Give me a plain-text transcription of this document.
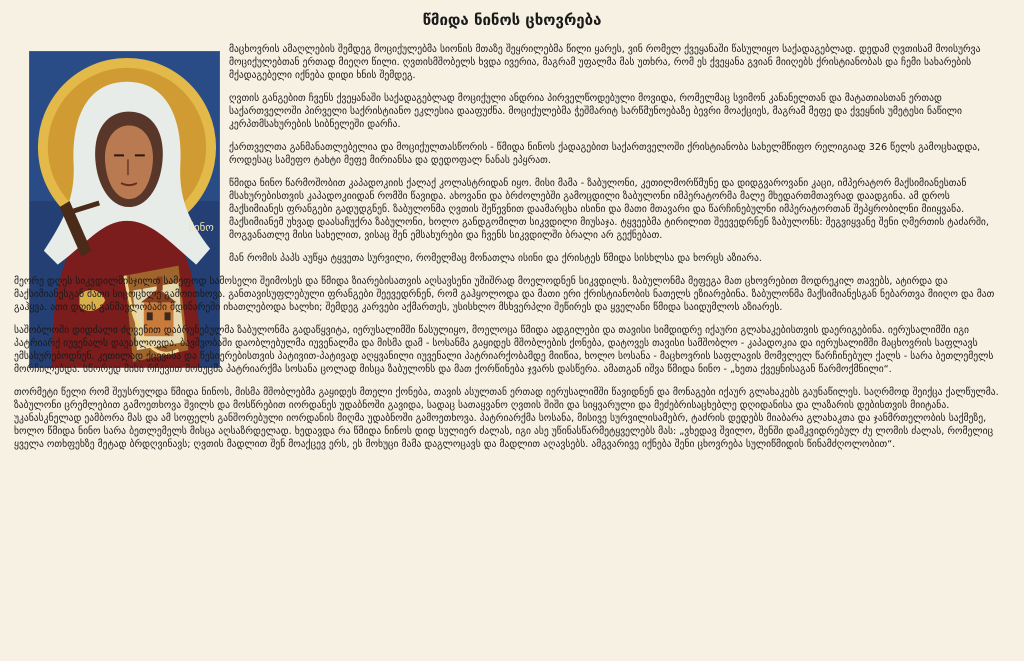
წმიდა ნინოს ცხოვრება
ნინო

მაცხოვრის ამაღლების შემდეგ მოციქულებმა სიონის მთაზე შეყრილებმა წილი ყარეს, ვინ რომელ ქვეყანაში წასულიყო საქადაგებლად. დედამ ღვთისამ მოისურვა მოციქულებთან ერთად მიეღო წილი. ღვთისმშობელს ხვდა ივერია, მაგრამ უფალმა მას უთხრა, რომ ეს ქვეყანა გვიან მიიღებს ქრისტიანობას და ჩემი სახარების მქადაგებელი იქნება დიდი ხნის შემდეგ.

ღვთის განგებით ჩვენს ქვეყანაში საქადაგებლად მოციქული ანდრია პირველწოდებული მოვიდა, რომელმაც სვიმონ კანანელთან და მატათიასთან ერთად საქართველოში პირველი საქრისტიანო ეკლესია დააფუძნა. მოციქულებმა ჭეშმარიტ სარწმუნოებაზე ბევრი მოაქციეს, მაგრამ მეფე და ქვეყნის უმეტესი ნაწილი კერპთმსახურების სიბნელეში დარჩა.

ქართველთა განმანათლებელია და მოციქულთასწორის - წმიდა ნინოს ქადაგებით საქართველოში ქრისტიანობა სახელმწიფო რელიგიად 326 წელს გამოცხადდა, როდესაც სამეფო ტახტი მეფე მირიანსა და დედოფალ ნანას ეპყრათ.

წმიდა ნინო წარმოშობით კაპადოკიის ქალაქ კოლასტრიდან იყო. მისი მამა - ზაბულონი, კეთილმორწმუნე და დიდგვაროვანი კაცი, იმპერატორ მაქსიმიანესთან მსახურებისთვის კაპადოკიიდან რომში წავიდა. ახოვანი და ბრძოლებში გამოცდილი ზაბულონი იმპერატორმა მალე მხედართმთავრად დაადგინა. ამ დროს მაქსიმიანეს ფრანგები გადუდგნენ. ზაბულონმა ღვთის შეწევნით დაამარცხა ისინი და მათი მთავარი და წარჩინებულნი იმპერატორთან შეპყრობილნი მიიყვანა. მაქსიმიანემ უხვად დაასაჩუქრა ზაბულონი, ხოლო განდგომილთ სიკვდილი მიუსაჯა. ტყვეებმა ტირილით შეევედრნენ ზაბულონს: შეგვიყვანე შენი ღმერთის ტაძარში, მოგვანათლე მისი სახელით, ვისაც შენ ემსახურები და ჩვენს სიკვდილში ბრალი არ გექნებათ.

მან რომის პაპს აუწყა ტყვეთა სურვილი, რომელმაც მონათლა ისინი და ქრისტეს წმიდა სისხლსა და ხორცს აზიარა.

მეორე დღეს სიკვდილმისჯილთ სამეფოდ სამოსელი შეიმოსეს და წმიდა ზიარებისათვის აღსავსენი უშიშრად მოელოდნენ სიკვდილს. ზაბულონმა მეფეგა მათ ცხოვრებით მოდრეკილ თავებს, ატირდა და მაქსიმიანესგან მათი სიცოცხლე გამოითხოვა. განთავისუფლებული ფრანგები შეევედრნენ, რომ გაჰყოლოდა და მათი ერი ქრისტიანობის ნათელს ეზიარებინა. ზაბულონმა მაქსიმიანესგან ნებართვა მიიღო და მათ გაჰყვა. ათი დღის განმავლობაში მდინარეში იხათლებოდა ხალხი; შემდეგ კარვები აქმართეს, უსისხლო მსხვერპლი შეწირეს და ყველანი წმიდა საიდუმლოს აზიარეს.

საშობლოში დიდძალი ძღვენით დაბრუნებულმა ზაბულონმა გადაწყვიტა, იერუსალიმში წასულიყო, მოელოცა წმიდა ადგილები და თავისი სიმდიდრე იქაური გლახაკებისთვის დაერიგებინა. იერუსალიმში იგი პატრიარქ იუვენალს დაუახლოვდა. ბავშვობაში დაობლებულმა იუვენალმა და მისმა დამ - სოსანმა გაყიდეს მშობლების ქონება, დატოვეს თავისი სამშობლო - კაპადოკია და იერუსალიმში მაცხოვრის საფლავს ემსახურებოდნენ. კეთილად ქცევისა და წესიერებისთვის პატივით-პატივად აღყვანილი იუვენალი პატრიარქობამდე მიიწია, ხოლო სოსანა - მაცხოვრის საფლავის მომვლელ წარჩინებულ ქალს - სარა ბეთლემელს მორჩილებდა. სწორედ მისი რჩევით მოხუცმა პატრიარქმა სოსანა ცოლად მისცა ზაბულონს და მათ ქორწინება ჯვარს დასწერა. ამათგან იშვა წმიდა ნინო - „ხეთა ქვეყნისაგან წარმოქმნილი“.

თორმეტი წელი რომ შეუსრულდა წმიდა ნინოს, მისმა მშობლებმა გაყიდეს მთელი ქონება, თავის ასულთან ერთად იერუსალიმში წავიდნენ და მონაგები იქაურ გლახაკებს გაუნაწილეს. საღრმოდ შეიქცა ქალწულმა. ზაბულონი ცრემლებით გამოეთხოვა შვილს და მოსწრებით იორდანეს უდაბნოში გავიდა, სადაც სათაყვანო ღვთის შიში და სიყვარული და მეძებრისაცხებლე დღიდანისა და ლაზარის დებისთვის მიიტანა. უკანასკნელად ეამბორა მას და ამ სოფელს განშორებული იორდანის მიღმა უდაბნოში გამოეთხოვა. პატრიარქმა სოსანა, მისივე სურვილისამებრ, ტაძრის დედებს მიაბარა გლახაკთა და ჯანმრთელობის საქმეზე, ხოლო წმიდა ნინო სარა ბეთლემელს მისცა აღსაზრდელად. ხედავდა რა წმიდა ნინოს დიდ სულიერ ძალას, იგი ასე უწინასწარმეტყველებს მას: „ვხედავ შვილო, შენში დამკვიდრებულ ძუ ლომის ძალას, რომელიც ყველა ოთხფეხზე მეტად ბრდღვინავს; ღვთის მადლით შენ მოაქცევ ერს, ეს მოხუცი მამა დაგლოცავს და მადლით აღავსებს. ამგვარივე იქნება შენი ცხოვრება სულიწმიდის წინამძღოლობით“.
